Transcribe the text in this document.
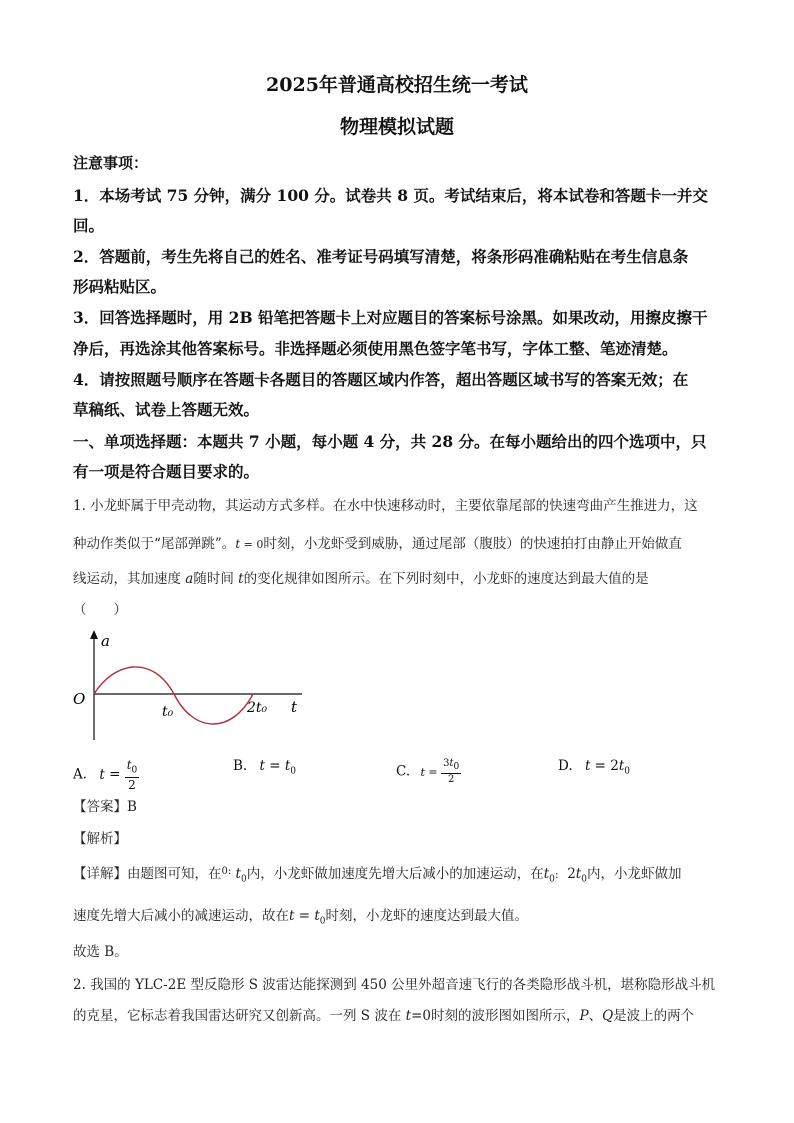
2025年普通高校招生统一考试
物理模拟试题
注意事项：
1．本场考试 75 分钟，满分 100 分。试卷共 8 页。考试结束后，将本试卷和答题卡一并交
回。
2．答题前，考生先将自己的姓名、准考证号码填写清楚，将条形码准确粘贴在考生信息条
形码粘贴区。
3．回答选择题时，用 2B 铅笔把答题卡上对应题目的答案标号涂黑。如果改动，用擦皮擦干
净后，再选涂其他答案标号。非选择题必须使用黑色签字笔书写，字体工整、笔迹清楚。
4．请按照题号顺序在答题卡各题目的答题区域内作答，超出答题区域书写的答案无效；在
草稿纸、试卷上答题无效。
一、单项选择题：本题共 7 小题，每小题 4 分，共 28 分。在每小题给出的四个选项中，只
有一项是符合题目要求的。
1. 小龙虾属于甲壳动物，其运动方式多样。在水中快速移动时，主要依靠尾部的快速弯曲产生推进力，这
种动作类似于“尾部弹跳”。t = 0时刻，小龙虾受到威胁，通过尾部（腹肢）的快速拍打由静止开始做直
线运动，其加速度 a随时间 t的变化规律如图所示。在下列时刻中，小龙虾的速度达到最大值的是
（　　）
a
O	t
t₀	2t₀
A. $t = \frac{t_0}{2}$	B. $t = t_0$	C. $t = \frac{3t_0}{2}$	D. $t = 2t_0$
【答案】B
【解析】
【详解】由题图可知，在$^{0:}$ $t_0$内，小龙虾做加速度先增大后减小的加速运动，在$t_0$:  $2t_0$内，小龙虾做加
速度先增大后减小的减速运动，故在$t = t_0$时刻，小龙虾的速度达到最大值。
故选 B。
2. 我国的 YLC-2E 型反隐形 S 波雷达能探测到 450 公里外超音速飞行的各类隐形战斗机，堪称隐形战斗机
的克星，它标志着我国雷达研究又创新高。一列 S 波在 t=0时刻的波形图如图所示，P、Q是波上的两个
